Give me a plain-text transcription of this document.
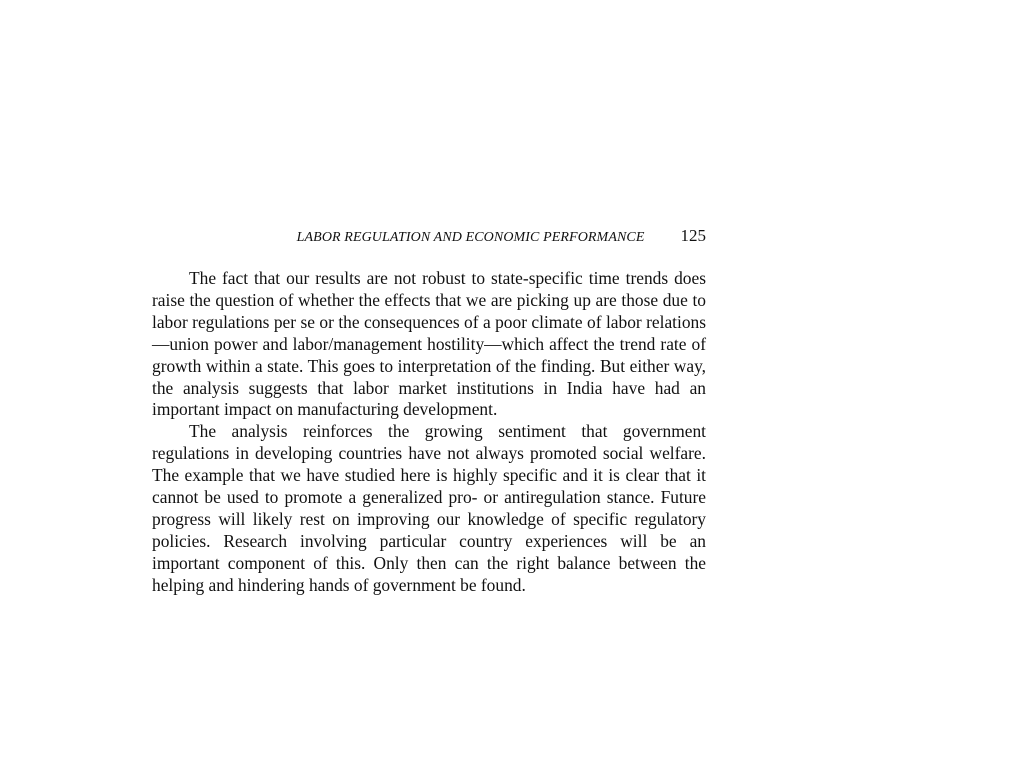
LABOR REGULATION AND ECONOMIC PERFORMANCE 125

The fact that our results are not robust to state-specific time trends does raise the question of whether the effects that we are picking up are those due to labor regulations per se or the consequences of a poor climate of labor relations—union power and labor/management hostility—which affect the trend rate of growth within a state. This goes to interpretation of the finding. But either way, the analysis suggests that labor market institutions in India have had an important impact on manufacturing development.

The analysis reinforces the growing sentiment that government regulations in developing countries have not always promoted social welfare. The example that we have studied here is highly specific and it is clear that it cannot be used to promote a generalized pro- or antiregulation stance. Future progress will likely rest on improving our knowledge of specific regulatory policies. Research involving particular country experiences will be an important component of this. Only then can the right balance between the helping and hindering hands of government be found.
